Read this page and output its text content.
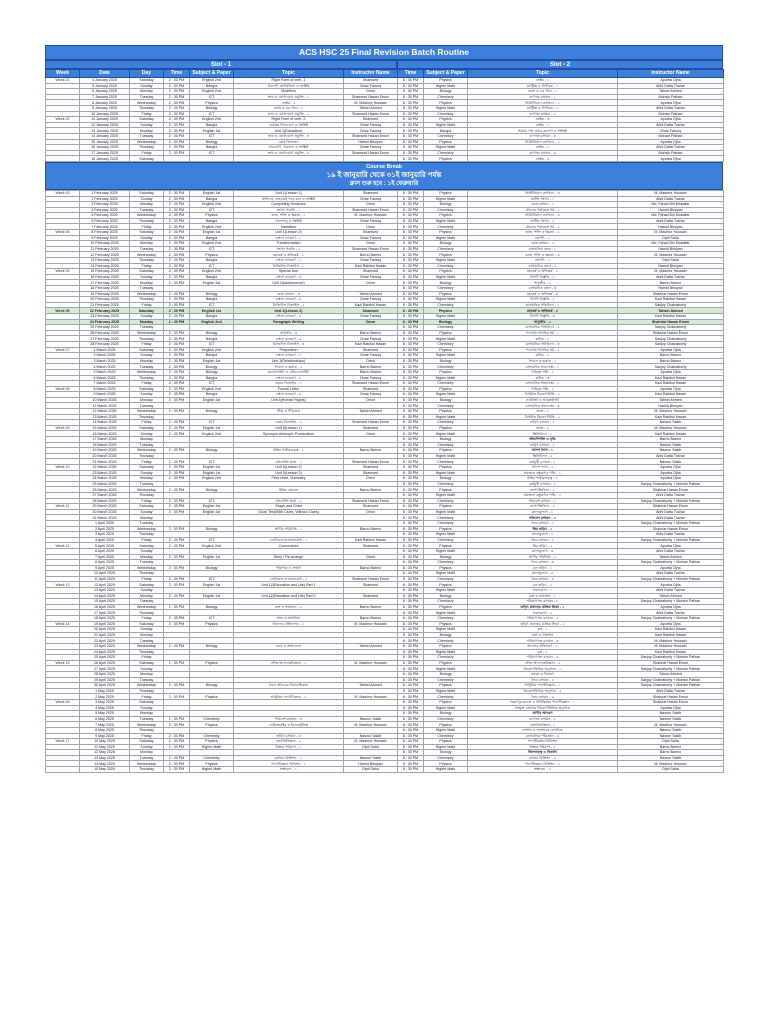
ACS HSC 25 Final Revision Batch Routine
Slot - 1	Slot - 2
Week	Date	Day	Time	Subject & Paper	Topic	Instructor Name	Time	Subject & Paper	Topic	Instructor Name
Week 01	4 January 2025	Saturday	2 : 30 PM	English 2nd	Right Form of verb -1	Shamsed	8 : 30 PM	Physics	ভেক্টর - ১	Apurba Ojha
	5 January 2025	Sunday	2 : 30 PM	Bangla	বিলাসী, অপরিচিতা ও সংশ্লিষ্ট	Omar Farooq	8 : 30 PM	Higher Math	ম্যাট্রিক্স ও নির্ণায়ক - ১	Abhi Datta Tushar
	6 January 2025	Monday	2 : 30 PM	English 2nd	Modifiers	Omor	8 : 30 PM	Biology	কোষ ও এর গঠন - ১	Tahsin Ahmed
	7 January 2025	Tuesday	2 : 30 PM	ICT	তথ্য ও যোগাযোগ প্রযুক্তি - ১	Shamsed Hasan Emon	8 : 30 PM	Chemistry	গুণগত রসায়ন - ১	Mohsin Pathan
	8 January 2025	Wednesday	2 : 30 PM	Physics	ভেক্টর - ২	M. Mashrur Hussain	8 : 30 PM	Physics	নিউটনিয়ান বলবিদ্যা - ১	Apurba Ojha
	9 January 2025	Thursday	2 : 30 PM	Biology	কোষ ও এর গঠন - ২	Tahsin Ahmed	8 : 30 PM	Higher Math	ম্যাট্রিক্স ও নির্ণায়ক - ২	Abhi Datta Tushar
	10 January 2025	Friday	2 : 30 PM	ICT	তথ্য ও যোগাযোগ প্রযুক্তি - ২	Shamsed Hasan Emon	8 : 30 PM	Chemistry	গুণগত রসায়ন - ২	Mohsin Pathan
Week 02	11 January 2025	Saturday	2 : 30 PM	English 2nd	Right Form of verb -2	Shamsed	8 : 30 PM	Physics	ভেক্টর - ৩	Apurba Ojha
	12 January 2025	Sunday	2 : 30 PM	Bangla	বায়ান্নর দিনগুলো ও সংশ্লিষ্ট	Omar Farooq	8 : 30 PM	Higher Math	ভেক্টর - ১	Abhi Datta Tushar
	13 January 2025	Monday	2 : 30 PM	English 1st	Unit 1(Education)	Omar Farooq	8 : 30 PM	Bangla	আমার পথ, মানব-কল্যাণ ও সংশ্লিষ্ট	Omar Farooq
	14 January 2025	Tuesday	2 : 30 PM	ICT	তথ্য ও যোগাযোগ প্রযুক্তি - ৩	Shamsed Hasan Emon	8 : 30 PM	Chemistry	গুণগত রসায়ন - ৩	Mohsin Pathan
	15 January 2025	Wednesday	2 : 30 PM	Biology	কোষ বিভাজন	Hamid Bhuiyan	8 : 30 PM	Physics	নিউটনিয়ান বলবিদ্যা - ২	Apurba Ojha
	16 January 2025	Thursday	2 : 30 PM	Bangla	সাম্যবাদী, ঐকতান ও সংশ্লিষ্ট	Omar Farooq	8 : 30 PM	Higher Math	ভেক্টর - ২	Abhi Datta Tushar
	17 January 2025	Friday	2 : 30 PM	ICT	তথ্য ও যোগাযোগ প্রযুক্তি - ৪	Shamsed Hasan Emon	8 : 30 PM	Chemistry	গুণগত রসায়ন - ৪	Mohsin Pathan
	18 January 2025	Saturday					8 : 30 PM	Physics	ভেক্টর - ৪	Apurba Ojha
Course Break
১৯ ই জানুয়ারি থেকে ৩১ই জানুয়ারি পর্যন্ত
ক্লাস শুরু হবে : ১ই ফেব্রুয়ারি
Week 03	1 February 2025	Saturday	2 : 30 PM	English 1st	Unit 1(Lesson 1)	Shamsed	8 : 30 PM	Physics	নিউটনিয়ান বলবিদ্যা - ৩	M. Mashrur Hussain
	2 February 2025	Sunday	2 : 30 PM	Bangla	প্রতিদান, তাহারেই পড়ে মনে ও সংশ্লিষ্ট	Omar Farooq	8 : 30 PM	Higher Math	জটিল সংখ্যা - ১	Abhi Datta Tushar
	3 February 2025	Monday	2 : 30 PM	English 2nd	Completing Sentence	Omor	8 : 30 PM	Biology	কোষ রসায়ন - ১	Md. Fahad Bin Mokaffar
	4 February 2025	Tuesday	2 : 30 PM	ICT	সংখ্যা পদ্ধতি - ১	Shamsed Hasan Emon	8 : 30 PM	Chemistry	মৌলের পর্যায়বৃত্ত ধর্ম - ১	Hamid Bhuiyan
	5 February 2025	Wednesday	2 : 30 PM	Physics	কাজ, শক্তি ও ক্ষমতা - ১	M. Mashrur Hussain	8 : 30 PM	Physics	নিউটনিয়ান বলবিদ্যা - ৪	Md. Fahad Bin Mokaffar
	6 February 2025	Thursday	2 : 30 PM	Bangla	লালসালু ও সংশ্লিষ্ট	Omar Farooq	8 : 30 PM	Higher Math	জটিল সংখ্যা - ২	Abhi Datta Tushar
	7 February 2025	Friday	2 : 30 PM	English 2nd	Narration	Omor	8 : 30 PM	Chemistry	মৌলের পর্যায়বৃত্ত ধর্ম - ২	Hamid Bhuiyan
Week 04	8 February 2025	Saturday	2 : 30 PM	English 1st	Unit 1(Lesson 2)	Shamsed	8 : 30 PM	Physics	কাজ, শক্তি ও ক্ষমতা - ২	M. Mashrur Hussain
	9 February 2025	Sunday	2 : 30 PM	Bangla	বাংলা ব্যাকরণ - ১	Omar Farooq	8 : 30 PM	Higher Math	বহুপদী - ১	Dipti Saha
	10 February 2025	Monday	2 : 30 PM	English 2nd	Transformation	Omor	8 : 30 PM	Biology	কোষ রসায়ন - ২	Md. Fahad Bin Mokaffar
	11 February 2025	Tuesday	2 : 30 PM	ICT	সংখ্যা পদ্ধতি - ২	Shamsed Hasan Emon	8 : 30 PM	Chemistry	রাসায়নিক বন্ধন - ১	Hamid Bhuiyan
	12 February 2025	Wednesday	2 : 30 PM	Physics	মহাকর্ষ ও অভিকর্ষ - ১	Borno Barmo	8 : 30 PM	Physics	কাজ, শক্তি ও ক্ষমতা - ৩	M. Mashrur Hussain
	13 February 2025	Thursday	2 : 30 PM	Bangla	বাংলা ব্যাকরণ - ২	Omar Farooq	8 : 30 PM	Higher Math	বহুপদী - ২	Dipti Saha
	14 February 2025	Friday	2 : 30 PM	ICT	ডিজিটাল ডিভাইস - ১	Kazi Rakibul Hasan	8 : 30 PM	Chemistry	রাসায়নিক বন্ধন - ২	Hamid Bhuiyan
Week 05	15 February 2025	Saturday	2 : 30 PM	English 2nd	Special Use	Shamsed	8 : 30 PM	Physics	মহাকর্ষ ও অভিকর্ষ - ২	M. Mashrur Hussain
	16 February 2025	Sunday	2 : 30 PM	Bangla	বাংলা ব্যাকরণ - ৩	Omar Farooq	8 : 30 PM	Higher Math	দ্বিপদী বিস্তৃতি - ১	Abhi Datta Tushar
	17 February 2025	Monday	2 : 30 PM	English 1st	Unit 2(Adolescence)	Omor	8 : 30 PM	Biology	অণুজীব - ১	Barno Barmo
	18 February 2025	Tuesday					8 : 30 PM	Chemistry	রাসায়নিক বন্ধন - ৩	Hamid Bhuiyan
	19 February 2025	Wednesday	2 : 30 PM	Biology	কোষ রসায়ন - ৩	Tahsin Ahmed	8 : 30 PM	Physics	মহাকর্ষ ও অভিকর্ষ - ৩	Shahriar Hasan Emon
	20 February 2025	Thursday	2 : 30 PM	Bangla	বাংলা ব্যাকরণ - ৪	Omar Farooq	8 : 30 PM	Higher Math	দ্বিপদী বিস্তৃতি - ২	Kazi Rakibul Hasan
	21 February 2025	Friday	2 : 30 PM	ICT	ডিজিটাল ডিভাইস - ২	Kazi Rakibul Hasan	8 : 30 PM	Chemistry	রাসায়নিক গতিবিদ্যা - ১	Sanjoy Chakraborty
Week 06	22 February 2025	Saturday	2 : 30 PM	English 1st	Unit 2(Lesson 2)	Shamsed	8 : 30 PM	Physics	মহাকর্ষ ও অভিকর্ষ - ৪	Tahsin Ahmed
	23 February 2025	Sunday	2 : 30 PM	Bangla	বাংলা ব্যাকরণ - ৫	Omar Farooq	8 : 30 PM	Higher Math	দ্বিপদী বিস্তৃতি - ৩	Kazi Rakibul Hasan
	24 February 2025	Monday	2 : 30 PM	English 2nd	Paragraph Writing	Omor	8 : 30 PM	Biology	অণুজীব - ২	Shahriar Hasan Emon
	25 February 2025	Tuesday					8 : 30 PM	Chemistry	রাসায়নিক গতিবিদ্যা - ২	Sanjoy Chakraborty
	26 February 2025	Wednesday	2 : 30 PM	Biology	অণুজীব - ৩	Barno Barmo	8 : 30 PM	Physics	পদার্থের গাঠনিক ধর্ম - ১	Shahriar Hasan Emon
	27 February 2025	Thursday	2 : 30 PM	Bangla	বাংলা ব্যাকরণ - ৬	Omar Farooq	8 : 30 PM	Higher Math	কনিক - ১	Sanjoy Chakraborty
	28 February 2025	Friday	2 : 30 PM	ICT	ডিজিটাল ডিভাইস - ৩	Kazi Rakibul Hasan	8 : 30 PM	Chemistry	রাসায়নিক গতিবিদ্যা - ৩	Sanjoy Chakraborty
Week 07	1 March 2025	Saturday	2 : 30 PM	English 2nd	Preposition	Shamsed	8 : 30 PM	Physics	পদার্থের গাঠনিক ধর্ম - ২	Apurba Ojha
	2 March 2025	Sunday	2 : 30 PM	Bangla	বাংলা ব্যাকরণ - ৭	Omar Farooq	8 : 30 PM	Higher Math	কনিক - ২	Barno Barmo
	3 March 2025	Monday	2 : 30 PM	English 1st	Unit 3(Relationships)	Omor	8 : 30 PM	Biology	শৈবাল ও ছত্রাক - ১	Barno Barmo
	4 March 2025	Tuesday	2 : 30 PM	Biology	শৈবাল ও ছত্রাক - ২	Barno Barmo	8 : 30 PM	Chemistry	রাসায়নিক সাম্যাবস্থা - ১	Sanjoy Chakraborty
	5 March 2025	Wednesday	2 : 30 PM	Biology	ব্রায়োফাইটা ও টেরিডোফাইটা	Barno Barmo	8 : 30 PM	Physics	পর্যাবৃত্ত গতি - ১	Apurba Ojha
	6 March 2025	Thursday	2 : 30 PM	Bangla	বাংলা ব্যাকরণ - ৮	Omar Farooq	8 : 30 PM	Higher Math	কনিক - ৩	Kazi Rakibul Hasan
	7 March 2025	Friday	2 : 30 PM	ICT	ওয়েব ডিজাইন - ১	Shamsed Hasan Emon	8 : 30 PM	Chemistry	রাসায়নিক সাম্যাবস্থা - ২	Kazi Rakibul Hasan
Week 08	8 March 2025	Saturday	2 : 30 PM	English 2nd	Formal Letter	Shamsed	8 : 30 PM	Physics	পর্যাবৃত্ত গতি - ২	Apurba Ojha
	9 March 2025	Sunday	2 : 30 PM	Bangla	বাংলা ব্যাকরণ - ৯	Omar Farooq	8 : 30 PM	Higher Math	বিপরীত ত্রিকোণমিতি - ১	Kazi Rakibul Hasan
	10 March 2025	Monday	2 : 30 PM	English 1st	Unit 4(Human Rights)	Omor	8 : 30 PM	Biology	নগ্নবীজী ও আবৃতবীজী	Tahsin Ahmed
	11 March 2025	Tuesday					8 : 30 PM	Chemistry	রাসায়নিক সাম্যাবস্থা - ৩	Hamid Bhuiyan
	12 March 2025	Wednesday	2 : 30 PM	Biology	টিস্যু ও টিস্যুতন্ত্র	Tahsin Ahmed	8 : 30 PM	Physics	তরঙ্গ - ১	M. Mashrur Hussain
	13 March 2025	Thursday					8 : 30 PM	Higher Math	বিপরীত ত্রিকোণমিতি - ২	Kazi Rakibul Hasan
	14 March 2025	Friday	2 : 30 PM	ICT	ওয়েব ডিজাইন - ২	Shamsed Hasan Emon	8 : 30 PM	Chemistry	তড়িৎ রসায়ন - ১	Nasrun Sakib
Week 09	15 March 2025	Saturday	2 : 30 PM	English 1st	Unit 5(Lesson 1)	Shamsed	8 : 30 PM	Physics	তরঙ্গ - ২	M. Mashrur Hussain
	16 March 2025	Sunday	2 : 30 PM	English 2nd	Synonym-Antonym, Punctuation	Omor	8 : 30 PM	Higher Math	স্থিতিবিদ্যা - ১	Kazi Rakibul Hasan
	17 March 2025	Monday					8 : 30 PM	Biology	জীবনীশক্তি ও বৃদ্ধি	Barno Barmo
	18 March 2025	Tuesday					8 : 30 PM	Chemistry	তড়িৎ রসায়ন - ২	Nasrun Sakib
	19 March 2025	Wednesday	2 : 30 PM	Biology	উদ্ভিদ শারীরতত্ত্ব - ১	Barno Barmo	8 : 30 PM	Physics	আদর্শ গ্যাস - ১	Nasrun Sakib
	20 March 2025	Thursday					8 : 30 PM	Higher Math	স্থিতিবিদ্যা - ২	Abhi Datta Tushar
	21 March 2025	Friday	2 : 30 PM	ICT	প্রোগ্রামিং ভাষা - ১	Shamsed Hasan Emon	8 : 30 PM	Chemistry	কর্মমুখী রসায়ন - ১	Nasrun Sakib
Week 10	22 March 2025	Saturday	2 : 30 PM	English 1st	Unit 5(Lesson 2)	Shamsed	8 : 30 PM	Physics	আদর্শ গ্যাস - ২	Apurba Ojha
	23 March 2025	Sunday	2 : 30 PM	English 1st	Unit 5(Lesson 3)	Shamsed	8 : 30 PM	Higher Math	সমতলে বস্তুকণার গতি - ১	Apurba Ojha
	24 March 2025	Monday	2 : 30 PM	English 2nd	Flow chart, Summary	Omor	8 : 30 PM	Biology	উদ্ভিদ শারীরতত্ত্ব - ২	Apurba Ojha
	25 March 2025	Tuesday					8 : 30 PM	Chemistry	কর্মমুখী রসায়ন - ২	Sanjoy Chakraborty + Mohsin Pathan
	26 March 2025	Wednesday	2 : 30 PM	Biology	উদ্ভিদ প্রজনন	Barno Barmo	8 : 30 PM	Physics	তাপগতিবিদ্যা - ১	Shahriar Hasan Emon
	27 March 2025	Thursday					8 : 30 PM	Higher Math	সমতলে বস্তুকণার গতি - ২	Abhi Datta Tushar
	28 March 2025	Friday	2 : 30 PM	ICT	প্রোগ্রামিং ভাষা - ২	Shamsed Hasan Emon	8 : 30 PM	Chemistry	পরিবেশ রসায়ন - ১	Sanjoy Chakraborty + Mohsin Pathan
Week 11	29 March 2025	Saturday	2 : 30 PM	English 1st	Graph and Chart	Shamsed	8 : 30 PM	Physics	তাপগতিবিদ্যা - ২	Shahriar Hasan Emon
	30 March 2025	Sunday	2 : 30 PM	English 1st	Cloze Test(With Clues, Without Clues)	Omor	8 : 30 PM	Higher Math	ক্যালকুলাস - ১	Abhi Datta Tushar
	31 March 2025	Monday					8 : 30 PM	Chemistry	পরিবেশ রসায়ন - ২	Abhi Datta Tushar
	1 April 2025	Tuesday					8 : 30 PM	Chemistry	জৈব রসায়ন - ১	Sanjoy Chakraborty + Mohsin Pathan
	2 April 2025	Wednesday	2 : 30 PM	Biology	প্রাণীর পরিচিতি - ১	Barno Barmo	8 : 30 PM	Physics	স্থির তড়িৎ - ১	Shahriar Hasan Emon
	3 April 2025	Thursday					8 : 30 PM	Higher Math	ক্যালকুলাস - ২	Abhi Datta Tushar
	4 April 2025	Friday	2 : 30 PM	ICT	ডেটাবেজ ম্যানেজমেন্ট - ১	Kazi Rakibul Hasan	8 : 30 PM	Chemistry	জৈব রসায়ন - ২	Sanjoy Chakraborty + Mohsin Pathan
Week 12	5 April 2025	Saturday	2 : 30 PM	English 2nd	Connectives	Shamsed	8 : 30 PM	Physics	স্থির তড়িৎ - ২	Apurba Ojha
	6 April 2025	Sunday					8 : 30 PM	Higher Math	ক্যালকুলাস - ৩	Abhi Datta Tushar
	7 April 2025	Monday	2 : 30 PM	English 1st	Story / Re-arrange	Omor	8 : 30 PM	Biology	প্রাণীর পরিচিতি - ২	Tahsin Ahmed
	8 April 2025	Tuesday					8 : 30 PM	Chemistry	জৈব রসায়ন - ৩	Sanjoy Chakraborty + Mohsin Pathan
	9 April 2025	Wednesday	2 : 30 PM	Biology	পরিপাক ও শোষণ	Barno Barmo	8 : 30 PM	Physics	চল তড়িৎ - ১	Apurba Ojha
	10 April 2025	Thursday					8 : 30 PM	Higher Math	ক্যালকুলাস - ৪	Abhi Datta Tushar
	11 April 2025	Friday	2 : 30 PM	ICT	ডেটাবেজ ম্যানেজমেন্ট - ২	Shamsed Hasan Emon	8 : 30 PM	Chemistry	জৈব রসায়ন - ৪	Sanjoy Chakraborty + Mohsin Pathan
Week 13	12 April 2025	Saturday	2 : 30 PM	English 1st	Unit 12(Education and Life) Part 1	Shamsed	8 : 30 PM	Physics	চল তড়িৎ - ২	Apurba Ojha
	13 April 2025	Sunday					8 : 30 PM	Higher Math	সরলরেখা - ১	Abhi Datta Tushar
	14 April 2025	Monday	2 : 30 PM	English 1st	Unit 12(Education and Life) Part 2	Shamsed	8 : 30 PM	Biology	রক্ত ও সঞ্চালন - ১	Tahsin Ahmed
	15 April 2025	Tuesday					8 : 30 PM	Chemistry	পরিমাণগত রসায়ন - ১	Sanjoy Chakraborty + Mohsin Pathan
	16 April 2025	Wednesday	2 : 30 PM	Biology	রক্ত ও সঞ্চালন - ২	Barno Barmo	8 : 30 PM	Physics	তড়িৎ প্রবাহের চৌম্বক ক্রিয়া - ১	Apurba Ojha
	17 April 2025	Thursday					8 : 30 PM	Higher Math	সরলরেখা - ২	Abhi Datta Tushar
	18 April 2025	Friday	2 : 30 PM	ICT	শ্বসন ও শ্বাসক্রিয়া	Barno Barmo	8 : 30 PM	Chemistry	পরিমাণগত রসায়ন - ২	Sanjoy Chakraborty + Mohsin Pathan
Week 14	19 April 2025	Saturday	2 : 30 PM	Physics	আলোর প্রতিফলন - ১	M. Mashrur Hussain	8 : 30 PM	Physics	তড়িৎ প্রবাহের চৌম্বক ক্রিয়া - ২	Apurba Ojha
	20 April 2025	Sunday					8 : 30 PM	Higher Math	বৃত্ত - ১	Kazi Rakibul Hasan
	21 April 2025	Monday					8 : 30 PM	Biology	বর্জ্য ও নিষ্কাশন	Kazi Rakibul Hasan
	22 April 2025	Tuesday					8 : 30 PM	Chemistry	পরিমাণগত রসায়ন - ৩	M. Mashrur Hussain
	23 April 2025	Wednesday	2 : 30 PM	Biology	চলন ও অঙ্গচালনা	Tahsin Ahmed	8 : 30 PM	Physics	আলোর প্রতিসরণ - ১	M. Mashrur Hussain
	24 April 2025	Thursday					8 : 30 PM	Higher Math	বৃত্ত - ২	Kazi Rakibul Hasan
	25 April 2025	Friday					8 : 30 PM	Chemistry	পরিমাণগত রসায়ন - ৪	Sanjoy Chakraborty + Mohsin Pathan
Week 15	26 April 2025	Saturday	2 : 30 PM	Physics	ভৌত আলোকবিজ্ঞান - ১	M. Mashrur Hussain	8 : 30 PM	Physics	ভৌত আলোকবিজ্ঞান - ২	Shahriar Hasan Emon
	27 April 2025	Sunday					8 : 30 PM	Higher Math	ত্রিকোণমিতিক অনুপাত - ১	Sanjoy Chakraborty + Mohsin Pathan
	28 April 2025	Monday					8 : 30 PM	Biology	সমন্বয় ও নিয়ন্ত্রণ	Tahsin Ahmed
	29 April 2025	Tuesday					8 : 30 PM	Chemistry	জৈব রসায়ন - ৫	Sanjoy Chakraborty + Mohsin Pathan
	30 April 2025	Wednesday	2 : 30 PM	Biology	মানব জীবনের ধারাবাহিকতা	Tahsin Ahmed	8 : 30 PM	Physics	আধুনিক পদার্থবিজ্ঞান - ১	Sanjoy Chakraborty + Mohsin Pathan
	1 May 2025	Thursday					8 : 30 PM	Higher Math	ত্রিকোণমিতিক অনুপাত - ২	Abhi Datta Tushar
	2 May 2025	Friday	2 : 30 PM	Physics	আধুনিক পদার্থবিজ্ঞান - ২	M. Mashrur Hussain	8 : 30 PM	Chemistry	জৈব রসায়ন - ৬	Shahriar Hasan Emon
Week 16	3 May 2025	Saturday					8 : 30 PM	Physics	পরমাণুর মডেল ও নিউক্লিয়ার পদার্থবিজ্ঞান - ১	Shahriar Hasan Emon
	4 May 2025	Sunday					8 : 30 PM	Higher Math	সংযুক্ত কোণের ত্রিকোণমিতিক অনুপাত	Apurba Ojha
	5 May 2025	Monday					8 : 30 PM	Biology	প্রাণীর আচরণ	Nasrun Sakib
	6 May 2025	Tuesday	2 : 30 PM	Chemistry	পরিবেশ রসায়ন - ৩	Nasrun Sakib	8 : 30 PM	Chemistry	গুণগত রসায়ন - ৫	Nasrun Sakib
	7 May 2025	Wednesday	2 : 30 PM	Physics	সেমিকন্ডাক্টর ও ইলেকট্রনিক্স	M. Mashrur Hussain	8 : 30 PM	Physics	জ্যোতির্বিজ্ঞান - ১	M. Mashrur Hussain
	8 May 2025	Thursday					8 : 30 PM	Higher Math	ফাংশন ও ফাংশনের লেখচিত্র	Nasrun Sakib
	9 May 2025	Friday	2 : 30 PM	Chemistry	তড়িৎ রসায়ন - ৩	Nasrun Sakib	8 : 30 PM	Chemistry	রাসায়নিক পরিবর্তন - ৪	Nasrun Sakib
Week 17	10 May 2025	Saturday	2 : 30 PM	Physics	জ্যোতির্বিজ্ঞান - ২	M. Mashrur Hussain	8 : 30 PM	Physics	পদার্থবিজ্ঞান রিভিশন	Dipti Saha
	11 May 2025	Sunday	2 : 30 PM	Higher Math	বিস্তার পরিমাপ - ১	Dipti Saha	8 : 30 PM	Higher Math	বিস্তার পরিমাপ - ২	Barno Barmo
	12 May 2025	Monday					8 : 30 PM	Biology	জিনতত্ত্ব ও বিবর্তন	Barno Barmo
	13 May 2025	Tuesday	2 : 30 PM	Chemistry	রসায়ন রিভিশন - ১	Nasrun Sakib	8 : 30 PM	Chemistry	রসায়ন রিভিশন - ২	Nasrun Sakib
	14 May 2025	Wednesday	2 : 30 PM	Physics	পদার্থবিজ্ঞান রিভিশন - ১	Hamid Bhuiyan	8 : 30 PM	Physics	পদার্থবিজ্ঞান রিভিশন - ২	M. Mashrur Hussain
	15 May 2025	Thursday	2 : 30 PM	Higher Math	সম্ভাবনা - ১	Dipti Saha	8 : 30 PM	Higher Math	সম্ভাবনা - ২	Dipti Saha
